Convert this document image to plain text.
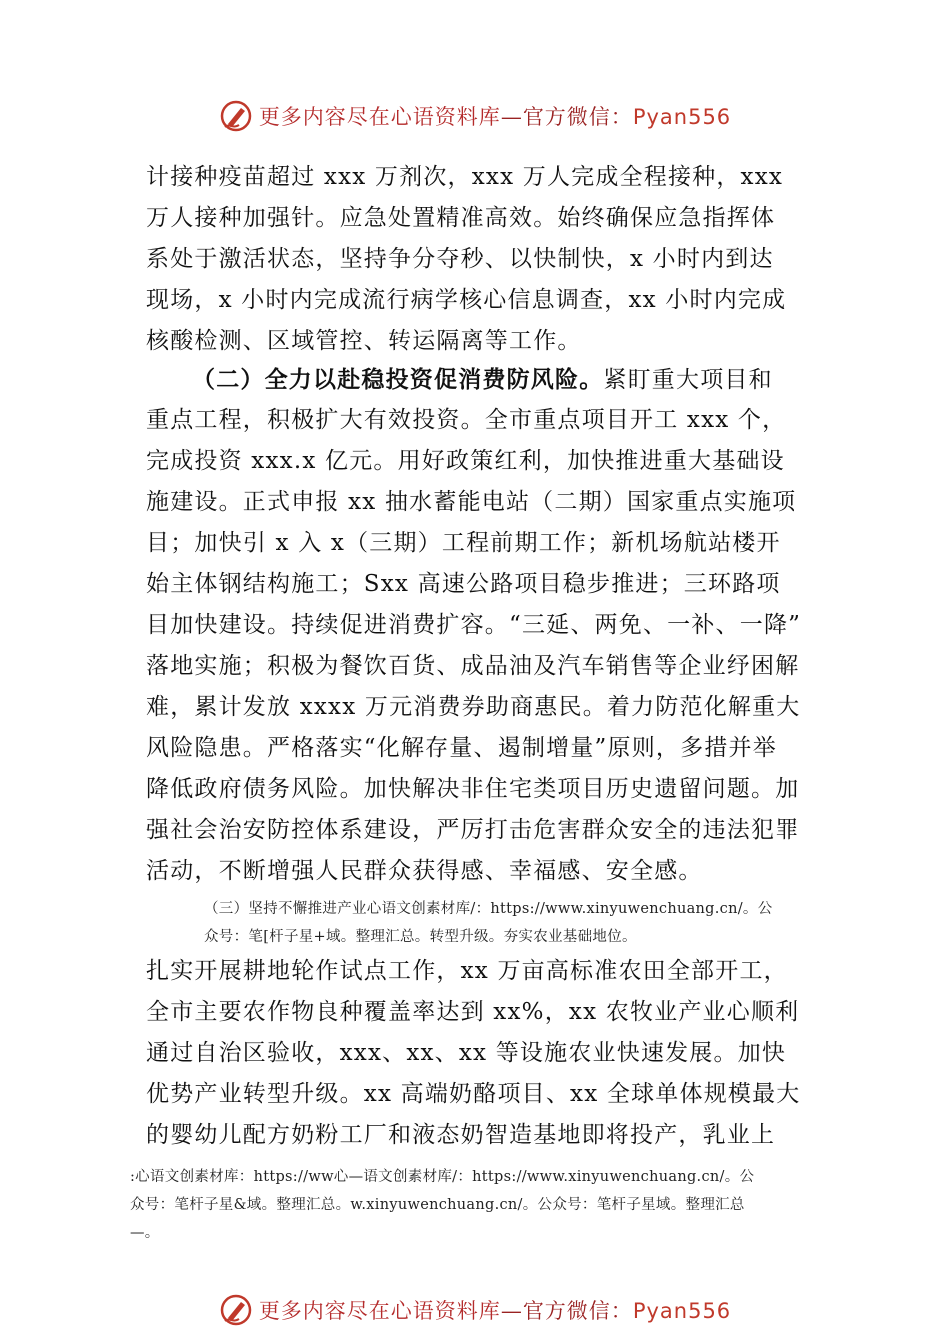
更多内容尽在心语资料库—官方微信：Pyan556
计接种疫苗超过 xxx 万剂次，xxx 万人完成全程接种，xxx
万人接种加强针。应急处置精准高效。始终确保应急指挥体
系处于激活状态，坚持争分夺秒、以快制快，x 小时内到达
现场，x 小时内完成流行病学核心信息调查，xx 小时内完成
核酸检测、区域管控、转运隔离等工作。
（二）全力以赴稳投资促消费防风险。紧盯重大项目和
重点工程，积极扩大有效投资。全市重点项目开工 xxx 个，
完成投资 xxx.x 亿元。用好政策红利，加快推进重大基础设
施建设。正式申报 xx 抽水蓄能电站（二期）国家重点实施项
目；加快引 x 入 x（三期）工程前期工作；新机场航站楼开
始主体钢结构施工；Sxx 高速公路项目稳步推进；三环路项
目加快建设。持续促进消费扩容。“三延、两免、一补、一降”
落地实施；积极为餐饮百货、成品油及汽车销售等企业纾困解
难，累计发放 xxxx 万元消费券助商惠民。着力防范化解重大
风险隐患。严格落实“化解存量、遏制增量”原则，多措并举
降低政府债务风险。加快解决非住宅类项目历史遗留问题。加
强社会治安防控体系建设，严厉打击危害群众安全的违法犯罪
活动，不断增强人民群众获得感、幸福感、安全感。
（三）坚持不懈推进产业心语文创素材库/：https://www.xinyuwenchuang.cn/。公
众号：笔[杆子星+域。整理汇总。转型升级。夯实农业基础地位。
扎实开展耕地轮作试点工作，xx 万亩高标准农田全部开工，
全市主要农作物良种覆盖率达到 xx%，xx 农牧业产业心顺利
通过自治区验收，xxx、xx、xx 等设施农业快速发展。加快
优势产业转型升级。xx 高端奶酪项目、xx 全球单体规模最大
的婴幼儿配方奶粉工厂和液态奶智造基地即将投产，乳业上
:心语文创素材库：https://ww心—语文创素材库/：https://www.xinyuwenchuang.cn/。公
众号：笔杆子星&域。整理汇总。w.xinyuwenchuang.cn/。公众号：笔杆子星域。整理汇总
—。
更多内容尽在心语资料库—官方微信：Pyan556
